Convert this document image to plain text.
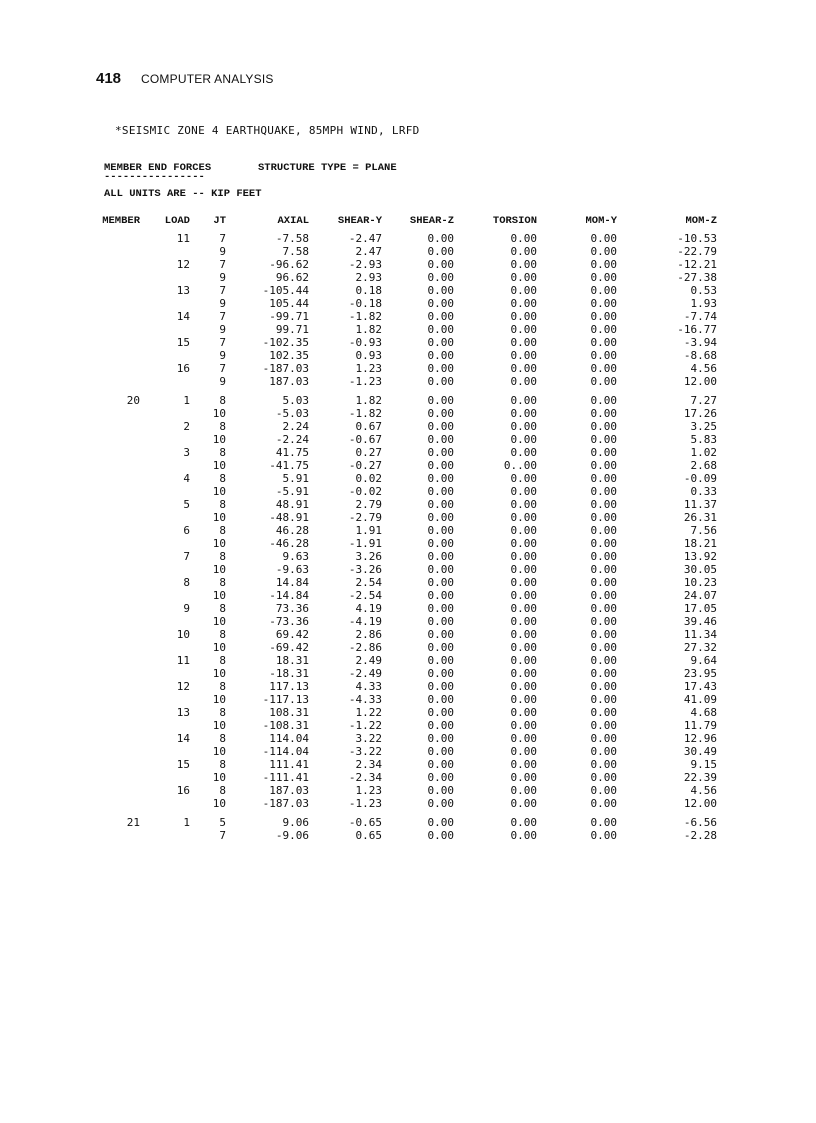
418 COMPUTER ANALYSIS
*SEISMIC ZONE 4 EARTHQUAKE, 85MPH WIND, LRFD
MEMBER END FORCES
----------------
STRUCTURE TYPE = PLANE
ALL UNITS ARE -- KIP FEET
MEMBER	LOAD	JT	AXIAL	SHEAR-Y	SHEAR-Z	TORSION	MOM-Y	MOM-Z
	11	7	-7.58	-2.47	0.00	0.00	0.00	-10.53
		9	7.58	2.47	0.00	0.00	0.00	-22.79
	12	7	-96.62	-2.93	0.00	0.00	0.00	-12.21
		9	96.62	2.93	0.00	0.00	0.00	-27.38
	13	7	-105.44	0.18	0.00	0.00	0.00	0.53
		9	105.44	-0.18	0.00	0.00	0.00	1.93
	14	7	-99.71	-1.82	0.00	0.00	0.00	-7.74
		9	99.71	1.82	0.00	0.00	0.00	-16.77
	15	7	-102.35	-0.93	0.00	0.00	0.00	-3.94
		9	102.35	0.93	0.00	0.00	0.00	-8.68
	16	7	-187.03	1.23	0.00	0.00	0.00	4.56
		9	187.03	-1.23	0.00	0.00	0.00	12.00
20	1	8	5.03	1.82	0.00	0.00	0.00	7.27
		10	-5.03	-1.82	0.00	0.00	0.00	17.26
	2	8	2.24	0.67	0.00	0.00	0.00	3.25
		10	-2.24	-0.67	0.00	0.00	0.00	5.83
	3	8	41.75	0.27	0.00	0.00	0.00	1.02
		10	-41.75	-0.27	0.00	0..00	0.00	2.68
	4	8	5.91	0.02	0.00	0.00	0.00	-0.09
		10	-5.91	-0.02	0.00	0.00	0.00	0.33
	5	8	48.91	2.79	0.00	0.00	0.00	11.37
		10	-48.91	-2.79	0.00	0.00	0.00	26.31
	6	8	46.28	1.91	0.00	0.00	0.00	7.56
		10	-46.28	-1.91	0.00	0.00	0.00	18.21
	7	8	9.63	3.26	0.00	0.00	0.00	13.92
		10	-9.63	-3.26	0.00	0.00	0.00	30.05
	8	8	14.84	2.54	0.00	0.00	0.00	10.23
		10	-14.84	-2.54	0.00	0.00	0.00	24.07
	9	8	73.36	4.19	0.00	0.00	0.00	17.05
		10	-73.36	-4.19	0.00	0.00	0.00	39.46
	10	8	69.42	2.86	0.00	0.00	0.00	11.34
		10	-69.42	-2.86	0.00	0.00	0.00	27.32
	11	8	18.31	2.49	0.00	0.00	0.00	9.64
		10	-18.31	-2.49	0.00	0.00	0.00	23.95
	12	8	117.13	4.33	0.00	0.00	0.00	17.43
		10	-117.13	-4.33	0.00	0.00	0.00	41.09
	13	8	108.31	1.22	0.00	0.00	0.00	4.68
		10	-108.31	-1.22	0.00	0.00	0.00	11.79
	14	8	114.04	3.22	0.00	0.00	0.00	12.96
		10	-114.04	-3.22	0.00	0.00	0.00	30.49
	15	8	111.41	2.34	0.00	0.00	0.00	9.15
		10	-111.41	-2.34	0.00	0.00	0.00	22.39
	16	8	187.03	1.23	0.00	0.00	0.00	4.56
		10	-187.03	-1.23	0.00	0.00	0.00	12.00
21	1	5	9.06	-0.65	0.00	0.00	0.00	-6.56
		7	-9.06	0.65	0.00	0.00	0.00	-2.28
